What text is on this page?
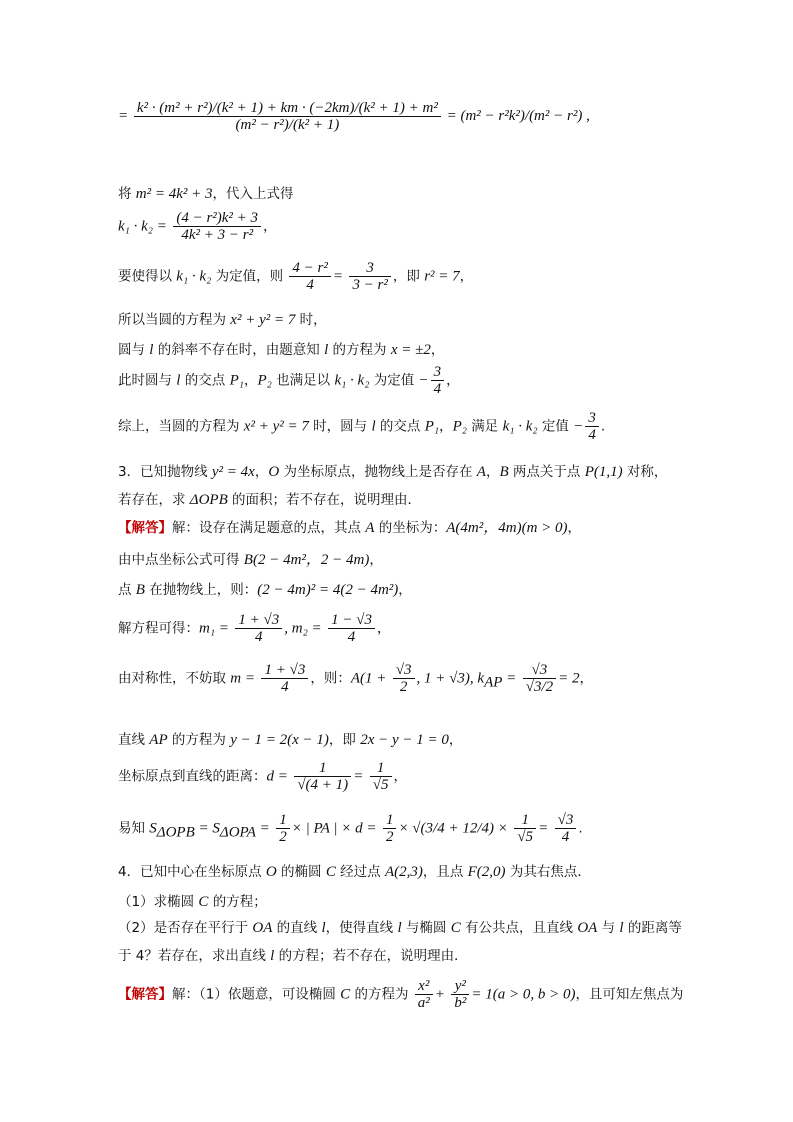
= $\frac{\text{k² · (m² + r²)/(k² + 1) + km · (−2km)/(k² + 1) + m²}}{\text{(m² − r²)/(k² + 1)}} = (m^2 - r^2k^2)/(m^2 - r^2)$ ,
将 m² = 4k² + 3，代入上式得
$k_1 \cdot k_2 = \frac{\text{(4 − r²)k² + 3}}{\text{4k² + 3 − r²}}$ ，
要使得以 k₁ · k₂ 为定值，则 $\frac{\text{4 − r²}}{4} = \frac{3}{\text{3 − r²}}$ ，即 r² = 7，
所以当圆的方程为 x² + y² = 7 时，
圆与 l 的斜率不存在时，由题意知 l 的方程为 x = ±2，
此时圆与 l 的交点 P₁，P₂ 也满足以 k₁ · k₂ 为定值 − $\frac{3}{4}$ ，
综上，当圆的方程为 x² + y² = 7 时，圆与 l 的交点 P₁，P₂ 满足 k₁ · k₂ 定值 − $\frac{3}{4}$ .
3．已知抛物线 y² = 4x，O 为坐标原点，抛物线上是否存在 A，B 两点关于点 P(1,1) 对称，
若存在，求 ΔOPB 的面积；若不存在，说明理由．
【解答】解：设存在满足题意的点，其点 A 的坐标为：A(4m²，4m)(m > 0)，
由中点坐标公式可得 B(2 − 4m²，2 − 4m)，
点 B 在抛物线上，则：(2 − 4m)² = 4(2 − 4m²)，
解方程可得：$m_1 = \frac{1 + √3}{4}$ , $m_2 = \frac{1 - √3}{4}$ ，
由对称性，不妨取 $m = \frac{1 + √3}{4}$ ，则：$A(1 + \frac{√3}{2}$ , 1 + √3), $k_{AP} = \frac{√3}{√3/2} = 2$，
直线 AP 的方程为 y − 1 = 2(x − 1)，即 2x − y − 1 = 0，
坐标原点到直线的距离：$d = \frac{1}{√(4 + 1)} = \frac{1}{√5}$ ，
易知 $S_{\Delta OPB} = S_{\Delta OPA} = \frac{1}{2}$ × | PA | × $d = \frac{1}{2} \times √(3/4 + 12/4) \times \frac{1}{√5} = \frac{√3}{4}$ .
4．已知中心在坐标原点 O 的椭圆 C 经过点 A(2,3)，且点 F(2,0) 为其右焦点．
（1）求椭圆 C 的方程；
（2）是否存在平行于 OA 的直线 l，使得直线 l 与椭圆 C 有公共点，且直线 OA 与 l 的距离等
于 4？若存在，求出直线 l 的方程；若不存在，说明理由．
【解答】解：（1）依题意，可设椭圆 C 的方程为 $\frac{\text{x²}}{\text{a²}} + \frac{\text{y²}}{\text{b²}} = 1(a > 0$, b > 0)，且可知左焦点为
